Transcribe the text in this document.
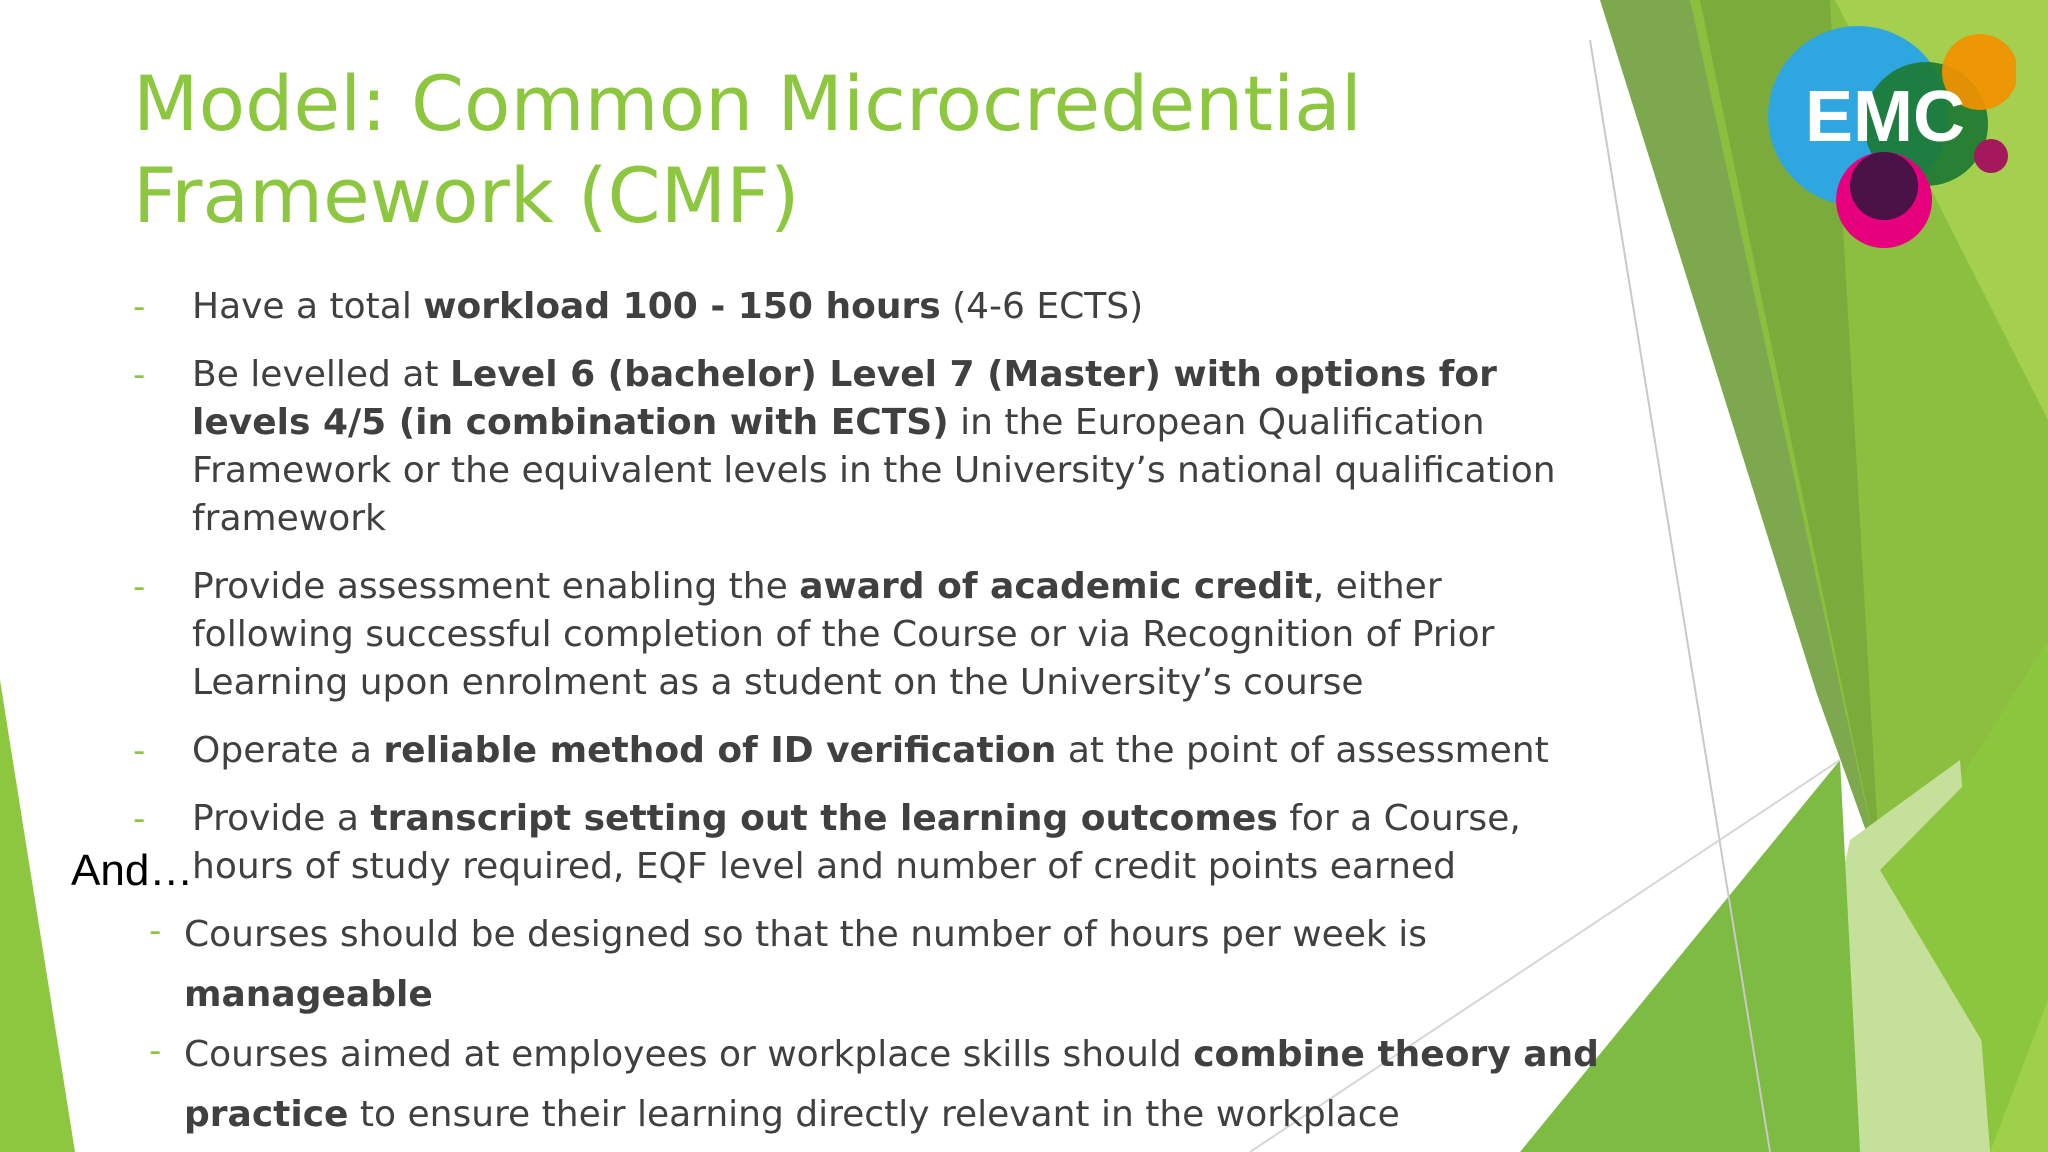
Model: Common Microcredential
Framework (CMF)
- Have a total workload 100 - 150 hours (4-6 ECTS)
- Be levelled at Level 6 (bachelor) Level 7 (Master) with options for levels 4/5 (in combination with ECTS) in the European Qualification Framework or the equivalent levels in the University’s national qualification framework
- Provide assessment enabling the award of academic credit, either following successful completion of the Course or via Recognition of Prior Learning upon enrolment as a student on the University’s course
- Operate a reliable method of ID verification at the point of assessment
- Provide a transcript setting out the learning outcomes for a Course, hours of study required, EQF level and number of credit points earned
And…
- Courses should be designed so that the number of hours per week is manageable
- Courses aimed at employees or workplace skills should combine theory and practice to ensure their learning directly relevant in the workplace
EMC
